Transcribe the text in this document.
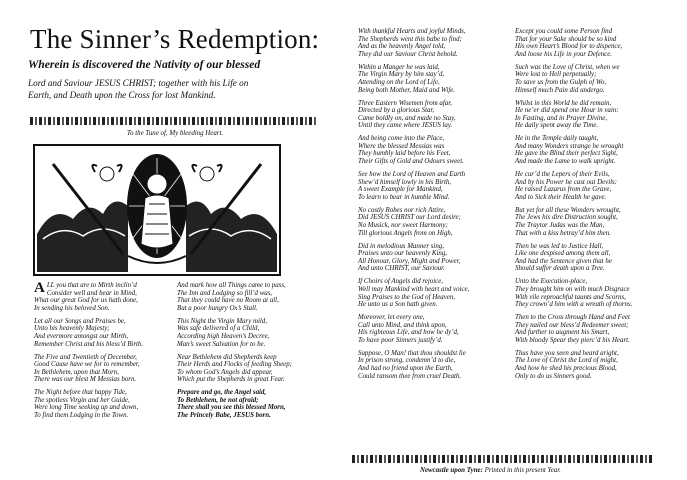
The Sinner’s Redemption:
Wherein is discovered the Nativity of our blessed
Lord and Saviour JESUS CHRIST; together with his Life on
Earth, and Death upon the Cross for lost Mankind.
To the Tune of, My bleeding Heart.

A LL you that are to Mirth inclin’d
Consider well and bear in Mind,
What our great God for us hath done,
In sending his beloved Son.

Let all our Songs and Praises be,
Unto his heavenly Majesty;
And evermore amongst our Mirth,
Remember Christ and his bless’d Birth.

The Five and Twentieth of December,
Good Cause have we for to remember,
In Bethlehem, upon that Morn,
There was our blest M Messias born.

The Night before that happy Tide,
The spotless Virgin and her Guide,
Were long Time seeking up and down,
To find them Lodging in the Town.

And mark how all Things came to pass,
The Inn and Lodging so fill’d was,
That they could have no Room at all,
But a poor hungry Ox’s Stall.

This Night the Virgin Mary mild,
Was safe delivered of a Child,
According high Heaven’s Decree,
Man’s sweet Salvation for to be.

Near Bethlehem did Shepherds keep
Their Herds and Flocks of feeding Sheep;
To whom God’s Angels did appear,
Which put the Shepherds in great Fear.

Prepare and go, the Angel said,
To Bethlehem, be not afraid;
There shall you see this blessed Morn,
The Princely Babe, JESUS born.

With thankful Hearts and joyful Minds,
The Shepherds went this babe to find;
And as the heavenly Angel told,
They did our Saviour Christ behold.

Within a Manger he was laid,
The Virgin Mary by him stay’d,
Attending on the Lord of Life,
Being both Mother, Maid and Wife.

Three Eastern Wisemen from afar,
Directed by a glorious Star,
Came boldly on, and made no Stay,
Until they came where JESUS lay.

And being come into the Place,
Where the blessed Messias was
They humbly laid before his Feet,
Their Gifts of Gold and Odours sweet.

See how the Lord of Heaven and Earth
Shew’d himself lowly in his Birth,
A sweet Example for Mankind,
To learn to bear in humble Mind.

No costly Robes nor rich Attire,
Did JESUS CHRIST our Lord desire;
No Musick, nor sweet Harmony;
Till glorious Angels from on High,

Did in melodious Manner sing,
Praises unto our heavenly King,
All Honour, Glory, Might and Power,
And unto CHRIST, our Saviour.

If Choirs of Angels did rejoice,
Well may Mankind with heart and voice,
Sing Praises to the God of Heaven,
He unto us a Son hath given.

Moreover, let every one,
Call unto Mind, and think upon,
His righteous Life, and how he dy’d,
To have poor Sinners justify’d.

Suppose, O Man! that thou shouldst lie
In prison strong, condemn’d to die,
And had no friend upon the Earth,
Could ransom thee from cruel Death.

Except you could some Person find
That for your Sake should be so kind
His own Heart’s Blood for to dispence,
And loose his Life in your Defence.

Such was the Love of Christ, when we
Were lost to Hell perpetually;
To save us from the Gulph of Wo,
Himself much Pain did undergo.

Whilst in this World he did remain,
He ne’er did spend one Hour in vain:
In Fasting, and in Prayer Divine,
He daily spent away the Time.

He in the Temple daily taught,
And many Wonders strange he wrought
He gave the Blind their perfect Sight,
And made the Lame to walk upright.

He cur’d the Lepers of their Evils,
And by his Power he cast out Devils:
He raised Lazarus from the Grave,
And to Sick their Health he gave.

But yet for all these Wonders wrought,
The Jews his dire Distruction sought,
The Traytor Judas was the Man,
That with a kiss betray’d him then.

Then he was led to Justice Hall,
Like one despised among them all,
And had the Sentence given that he
Should suffer death upon a Tree.

Unto the Execution-place,
They brought him on with much Disgrace
With vile reproachful taunts and Scorns,
They crown’d him with a wreath of thorns.

Then to the Cross through Hand and Feet
They nailed our bless’d Redeemer sweet;
And further to augment his Smart,
With bloody Spear they pierc’d his Heart.

Thus have you seen and heard aright,
The Love of Christ the Lord of might,
And how he shed his precious Blood,
Only to do us Sinners good.

Newcastle upon Tyne: Printed in this present Year.
